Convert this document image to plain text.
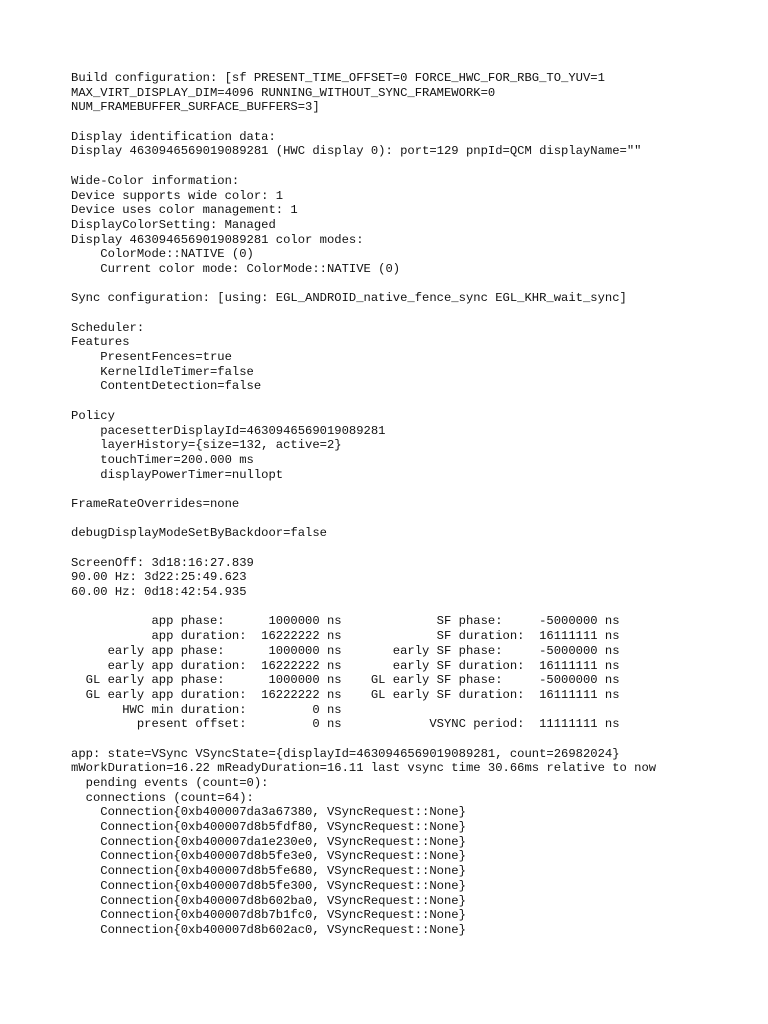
Build configuration: [sf PRESENT_TIME_OFFSET=0 FORCE_HWC_FOR_RBG_TO_YUV=1
MAX_VIRT_DISPLAY_DIM=4096 RUNNING_WITHOUT_SYNC_FRAMEWORK=0
NUM_FRAMEBUFFER_SURFACE_BUFFERS=3]
Display identification data:
Display 4630946569019089281 (HWC display 0): port=129 pnpId=QCM displayName=""
Wide-Color information:
Device supports wide color: 1
Device uses color management: 1
DisplayColorSetting: Managed
Display 4630946569019089281 color modes:
ColorMode::NATIVE (0)
Current color mode: ColorMode::NATIVE (0)
Sync configuration: [using: EGL_ANDROID_native_fence_sync EGL_KHR_wait_sync]
Scheduler:
Features
PresentFences=true
KernelIdleTimer=false
ContentDetection=false
Policy
pacesetterDisplayId=4630946569019089281
layerHistory={size=132, active=2}
touchTimer=200.000 ms
displayPowerTimer=nullopt
FrameRateOverrides=none
debugDisplayModeSetByBackdoor=false
ScreenOff: 3d18:16:27.839
90.00 Hz: 3d22:25:49.623
60.00 Hz: 0d18:42:54.935
app phase:      1000000 ns             SF phase:     -5000000 ns
app duration:  16222222 ns             SF duration:  16111111 ns
early app phase:      1000000 ns       early SF phase:     -5000000 ns
early app duration:  16222222 ns       early SF duration:  16111111 ns
GL early app phase:      1000000 ns    GL early SF phase:     -5000000 ns
GL early app duration:  16222222 ns    GL early SF duration:  16111111 ns
HWC min duration:         0 ns
present offset:         0 ns            VSYNC period:  11111111 ns
app: state=VSync VSyncState={displayId=4630946569019089281, count=26982024}
mWorkDuration=16.22 mReadyDuration=16.11 last vsync time 30.66ms relative to now
pending events (count=0):
connections (count=64):
Connection{0xb400007da3a67380, VSyncRequest::None}
Connection{0xb400007d8b5fdf80, VSyncRequest::None}
Connection{0xb400007da1e230e0, VSyncRequest::None}
Connection{0xb400007d8b5fe3e0, VSyncRequest::None}
Connection{0xb400007d8b5fe680, VSyncRequest::None}
Connection{0xb400007d8b5fe300, VSyncRequest::None}
Connection{0xb400007d8b602ba0, VSyncRequest::None}
Connection{0xb400007d8b7b1fc0, VSyncRequest::None}
Connection{0xb400007d8b602ac0, VSyncRequest::None}
